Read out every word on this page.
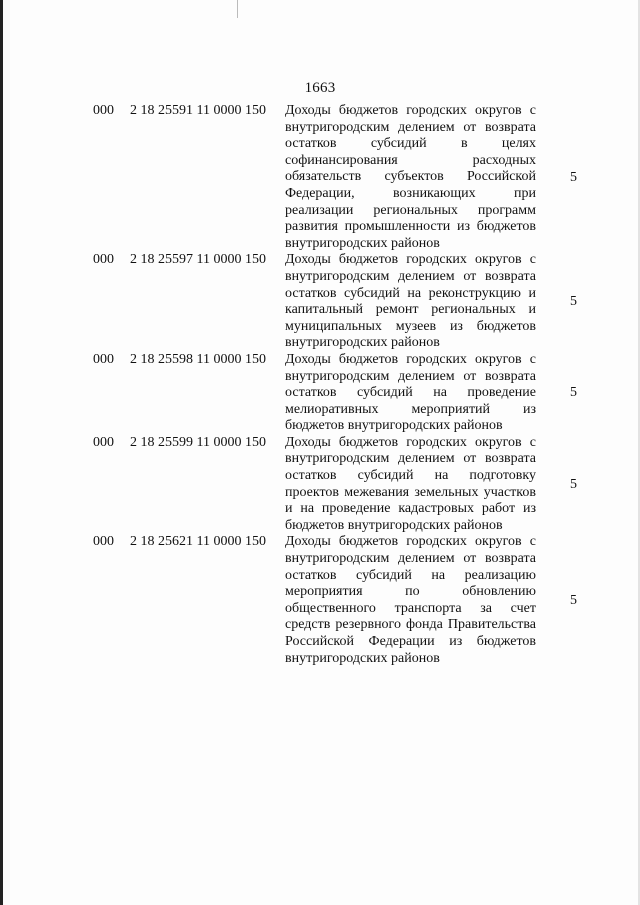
1663
000 2 18 25591 11 0000 150 Доходы бюджетов городских округов с внутригородским делением от возврата остатков субсидий в целях софинансирования расходных обязательств субъектов Российской Федерации, возникающих при реализации региональных программ развития промышленности из бюджетов внутригородских районов
5
000 2 18 25597 11 0000 150 Доходы бюджетов городских округов с внутригородским делением от возврата остатков субсидий на реконструкцию и капитальный ремонт региональных и муниципальных музеев из бюджетов внутригородских районов
5
000 2 18 25598 11 0000 150 Доходы бюджетов городских округов с внутригородским делением от возврата остатков субсидий на проведение мелиоративных мероприятий из бюджетов внутригородских районов
5
000 2 18 25599 11 0000 150 Доходы бюджетов городских округов с внутригородским делением от возврата остатков субсидий на подготовку проектов межевания земельных участков и на проведение кадастровых работ из бюджетов внутригородских районов
5
000 2 18 25621 11 0000 150 Доходы бюджетов городских округов с внутригородским делением от возврата остатков субсидий на реализацию мероприятия по обновлению общественного транспорта за счет средств резервного фонда Правительства Российской Федерации из бюджетов внутригородских районов
5
